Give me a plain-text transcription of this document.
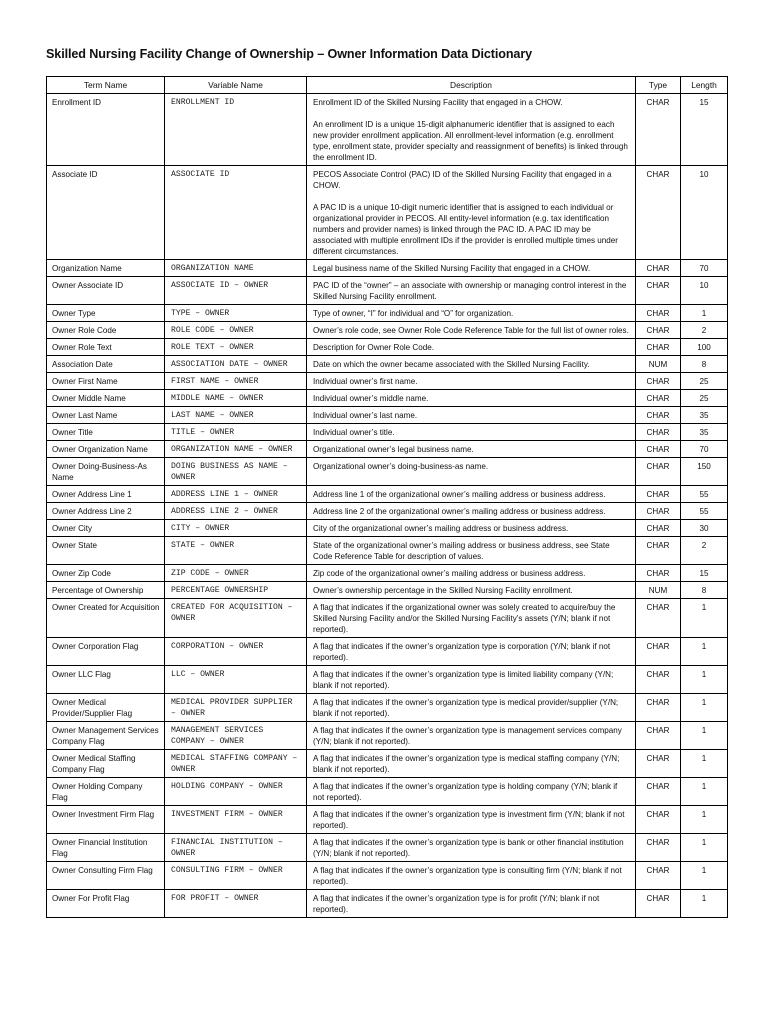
Skilled Nursing Facility Change of Ownership – Owner Information Data Dictionary
Term Name	Variable Name	Description	Type	Length
Enrollment ID	ENROLLMENT ID	Enrollment ID of the Skilled Nursing Facility that engaged in a CHOW.
An enrollment ID is a unique 15-digit alphanumeric identifier that is assigned to each new provider enrollment application. All enrollment-level information (e.g. enrollment type, enrollment state, provider specialty and reassignment of benefits) is linked through the enrollment ID.	CHAR	15
Associate ID	ASSOCIATE ID	PECOS Associate Control (PAC) ID of the Skilled Nursing Facility that engaged in a CHOW.
A PAC ID is a unique 10-digit numeric identifier that is assigned to each individual or organizational provider in PECOS. All entity-level information (e.g. tax identification numbers and provider names) is linked through the PAC ID. A PAC ID may be associated with multiple enrollment IDs if the provider is enrolled multiple times under different circumstances.	CHAR	10
Organization Name	ORGANIZATION NAME	Legal business name of the Skilled Nursing Facility that engaged in a CHOW.	CHAR	70
Owner Associate ID	ASSOCIATE ID – OWNER	PAC ID of the “owner” – an associate with ownership or managing control interest in the Skilled Nursing Facility enrollment.	CHAR	10
Owner Type	TYPE – OWNER	Type of owner, “I” for individual and “O” for organization.	CHAR	1
Owner Role Code	ROLE CODE – OWNER	Owner’s role code, see Owner Role Code Reference Table for the full list of owner roles.	CHAR	2
Owner Role Text	ROLE TEXT – OWNER	Description for Owner Role Code.	CHAR	100
Association Date	ASSOCIATION DATE – OWNER	Date on which the owner became associated with the Skilled Nursing Facility.	NUM	8
Owner First Name	FIRST NAME – OWNER	Individual owner’s first name.	CHAR	25
Owner Middle Name	MIDDLE NAME – OWNER	Individual owner’s middle name.	CHAR	25
Owner Last Name	LAST NAME – OWNER	Individual owner’s last name.	CHAR	35
Owner Title	TITLE – OWNER	Individual owner’s title.	CHAR	35
Owner Organization Name	ORGANIZATION NAME – OWNER	Organizational owner’s legal business name.	CHAR	70
Owner Doing-Business-As Name	DOING BUSINESS AS NAME – OWNER	Organizational owner’s doing-business-as name.	CHAR	150
Owner Address Line 1	ADDRESS LINE 1 – OWNER	Address line 1 of the organizational owner’s mailing address or business address.	CHAR	55
Owner Address Line 2	ADDRESS LINE 2 – OWNER	Address line 2 of the organizational owner’s mailing address or business address.	CHAR	55
Owner City	CITY – OWNER	City of the organizational owner’s mailing address or business address.	CHAR	30
Owner State	STATE – OWNER	State of the organizational owner’s mailing address or business address, see State Code Reference Table for description of values.	CHAR	2
Owner Zip Code	ZIP CODE – OWNER	Zip code of the organizational owner’s mailing address or business address.	CHAR	15
Percentage of Ownership	PERCENTAGE OWNERSHIP	Owner’s ownership percentage in the Skilled Nursing Facility enrollment.	NUM	8
Owner Created for Acquisition	CREATED FOR ACQUISITION – OWNER	A flag that indicates if the organizational owner was solely created to acquire/buy the Skilled Nursing Facility and/or the Skilled Nursing Facility’s assets (Y/N; blank if not reported).	CHAR	1
Owner Corporation Flag	CORPORATION – OWNER	A flag that indicates if the owner’s organization type is corporation (Y/N; blank if not reported).	CHAR	1
Owner LLC Flag	LLC – OWNER	A flag that indicates if the owner’s organization type is limited liability company (Y/N; blank if not reported).	CHAR	1
Owner Medical Provider/Supplier Flag	MEDICAL PROVIDER SUPPLIER – OWNER	A flag that indicates if the owner’s organization type is medical provider/supplier (Y/N; blank if not reported).	CHAR	1
Owner Management Services Company Flag	MANAGEMENT SERVICES COMPANY – OWNER	A flag that indicates if the owner’s organization type is management services company (Y/N; blank if not reported).	CHAR	1
Owner Medical Staffing Company Flag	MEDICAL STAFFING COMPANY – OWNER	A flag that indicates if the owner’s organization type is medical staffing company (Y/N; blank if not reported).	CHAR	1
Owner Holding Company Flag	HOLDING COMPANY – OWNER	A flag that indicates if the owner’s organization type is holding company (Y/N; blank if not reported).	CHAR	1
Owner Investment Firm Flag	INVESTMENT FIRM – OWNER	A flag that indicates if the owner’s organization type is investment firm (Y/N; blank if not reported).	CHAR	1
Owner Financial Institution Flag	FINANCIAL INSTITUTION – OWNER	A flag that indicates if the owner’s organization type is bank or other financial institution (Y/N; blank if not reported).	CHAR	1
Owner Consulting Firm Flag	CONSULTING FIRM – OWNER	A flag that indicates if the owner’s organization type is consulting firm (Y/N; blank if not reported).	CHAR	1
Owner For Profit Flag	FOR PROFIT – OWNER	A flag that indicates if the owner’s organization type is for profit (Y/N; blank if not reported).	CHAR	1
